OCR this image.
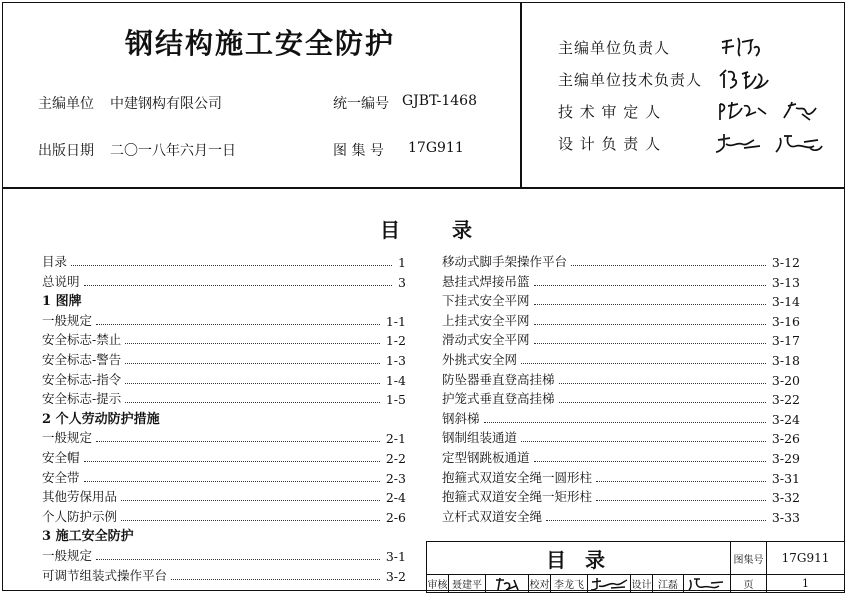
钢结构施工安全防护
主编单位 中建钢构有限公司	统一编号 GJBT-1468
出版日期 二〇一八年六月一日	图 集 号 17G911
主编单位负责人
主编单位技术负责人
技 术 审 定 人
设 计 负 责 人
目	录
目录	1
总说明	3
1 图牌
一般规定	1-1
安全标志-禁止	1-2
安全标志-警告	1-3
安全标志-指令	1-4
安全标志-提示	1-5
2 个人劳动防护措施
一般规定	2-1
安全帽	2-2
安全带	2-3
其他劳保用品	2-4
个人防护示例	2-6
3 施工安全防护
一般规定	3-1
可调节组装式操作平台	3-2
移动式脚手架操作平台	3-12
悬挂式焊接吊篮	3-13
下挂式安全平网	3-14
上挂式安全平网	3-16
滑动式安全平网	3-17
外挑式安全网	3-18
防坠器垂直登高挂梯	3-20
护笼式垂直登高挂梯	3-22
钢斜梯	3-24
钢制组装通道	3-26
定型钢跳板通道	3-29
抱箍式双道安全绳一圆形柱	3-31
抱箍式双道安全绳一矩形柱	3-32
立杆式双道安全绳	3-33
目 录	图集号 17G911
审核 聂建平	校对 李龙飞	设计 江磊	页	1
